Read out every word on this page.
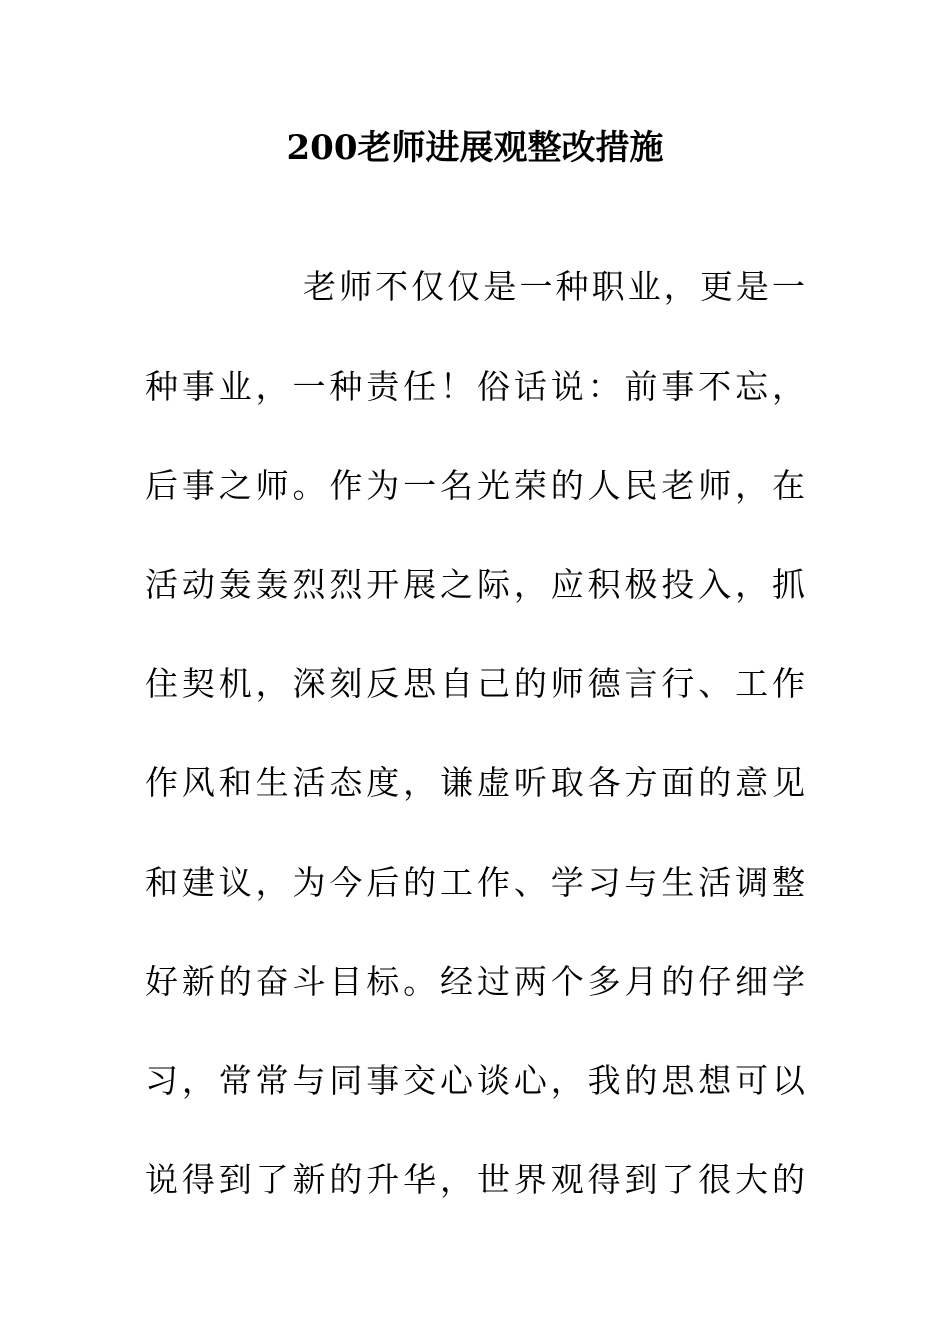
200老师进展观整改措施
老师不仅仅是一种职业，更是一
种事业，一种责任！俗话说：前事不忘，
后事之师。作为一名光荣的人民老师，在
活动轰轰烈烈开展之际，应积极投入，抓
住契机，深刻反思自己的师德言行、工作
作风和生活态度，谦虚听取各方面的意见
和建议，为今后的工作、学习与生活调整
好新的奋斗目标。经过两个多月的仔细学
习，常常与同事交心谈心，我的思想可以
说得到了新的升华，世界观得到了很大的
